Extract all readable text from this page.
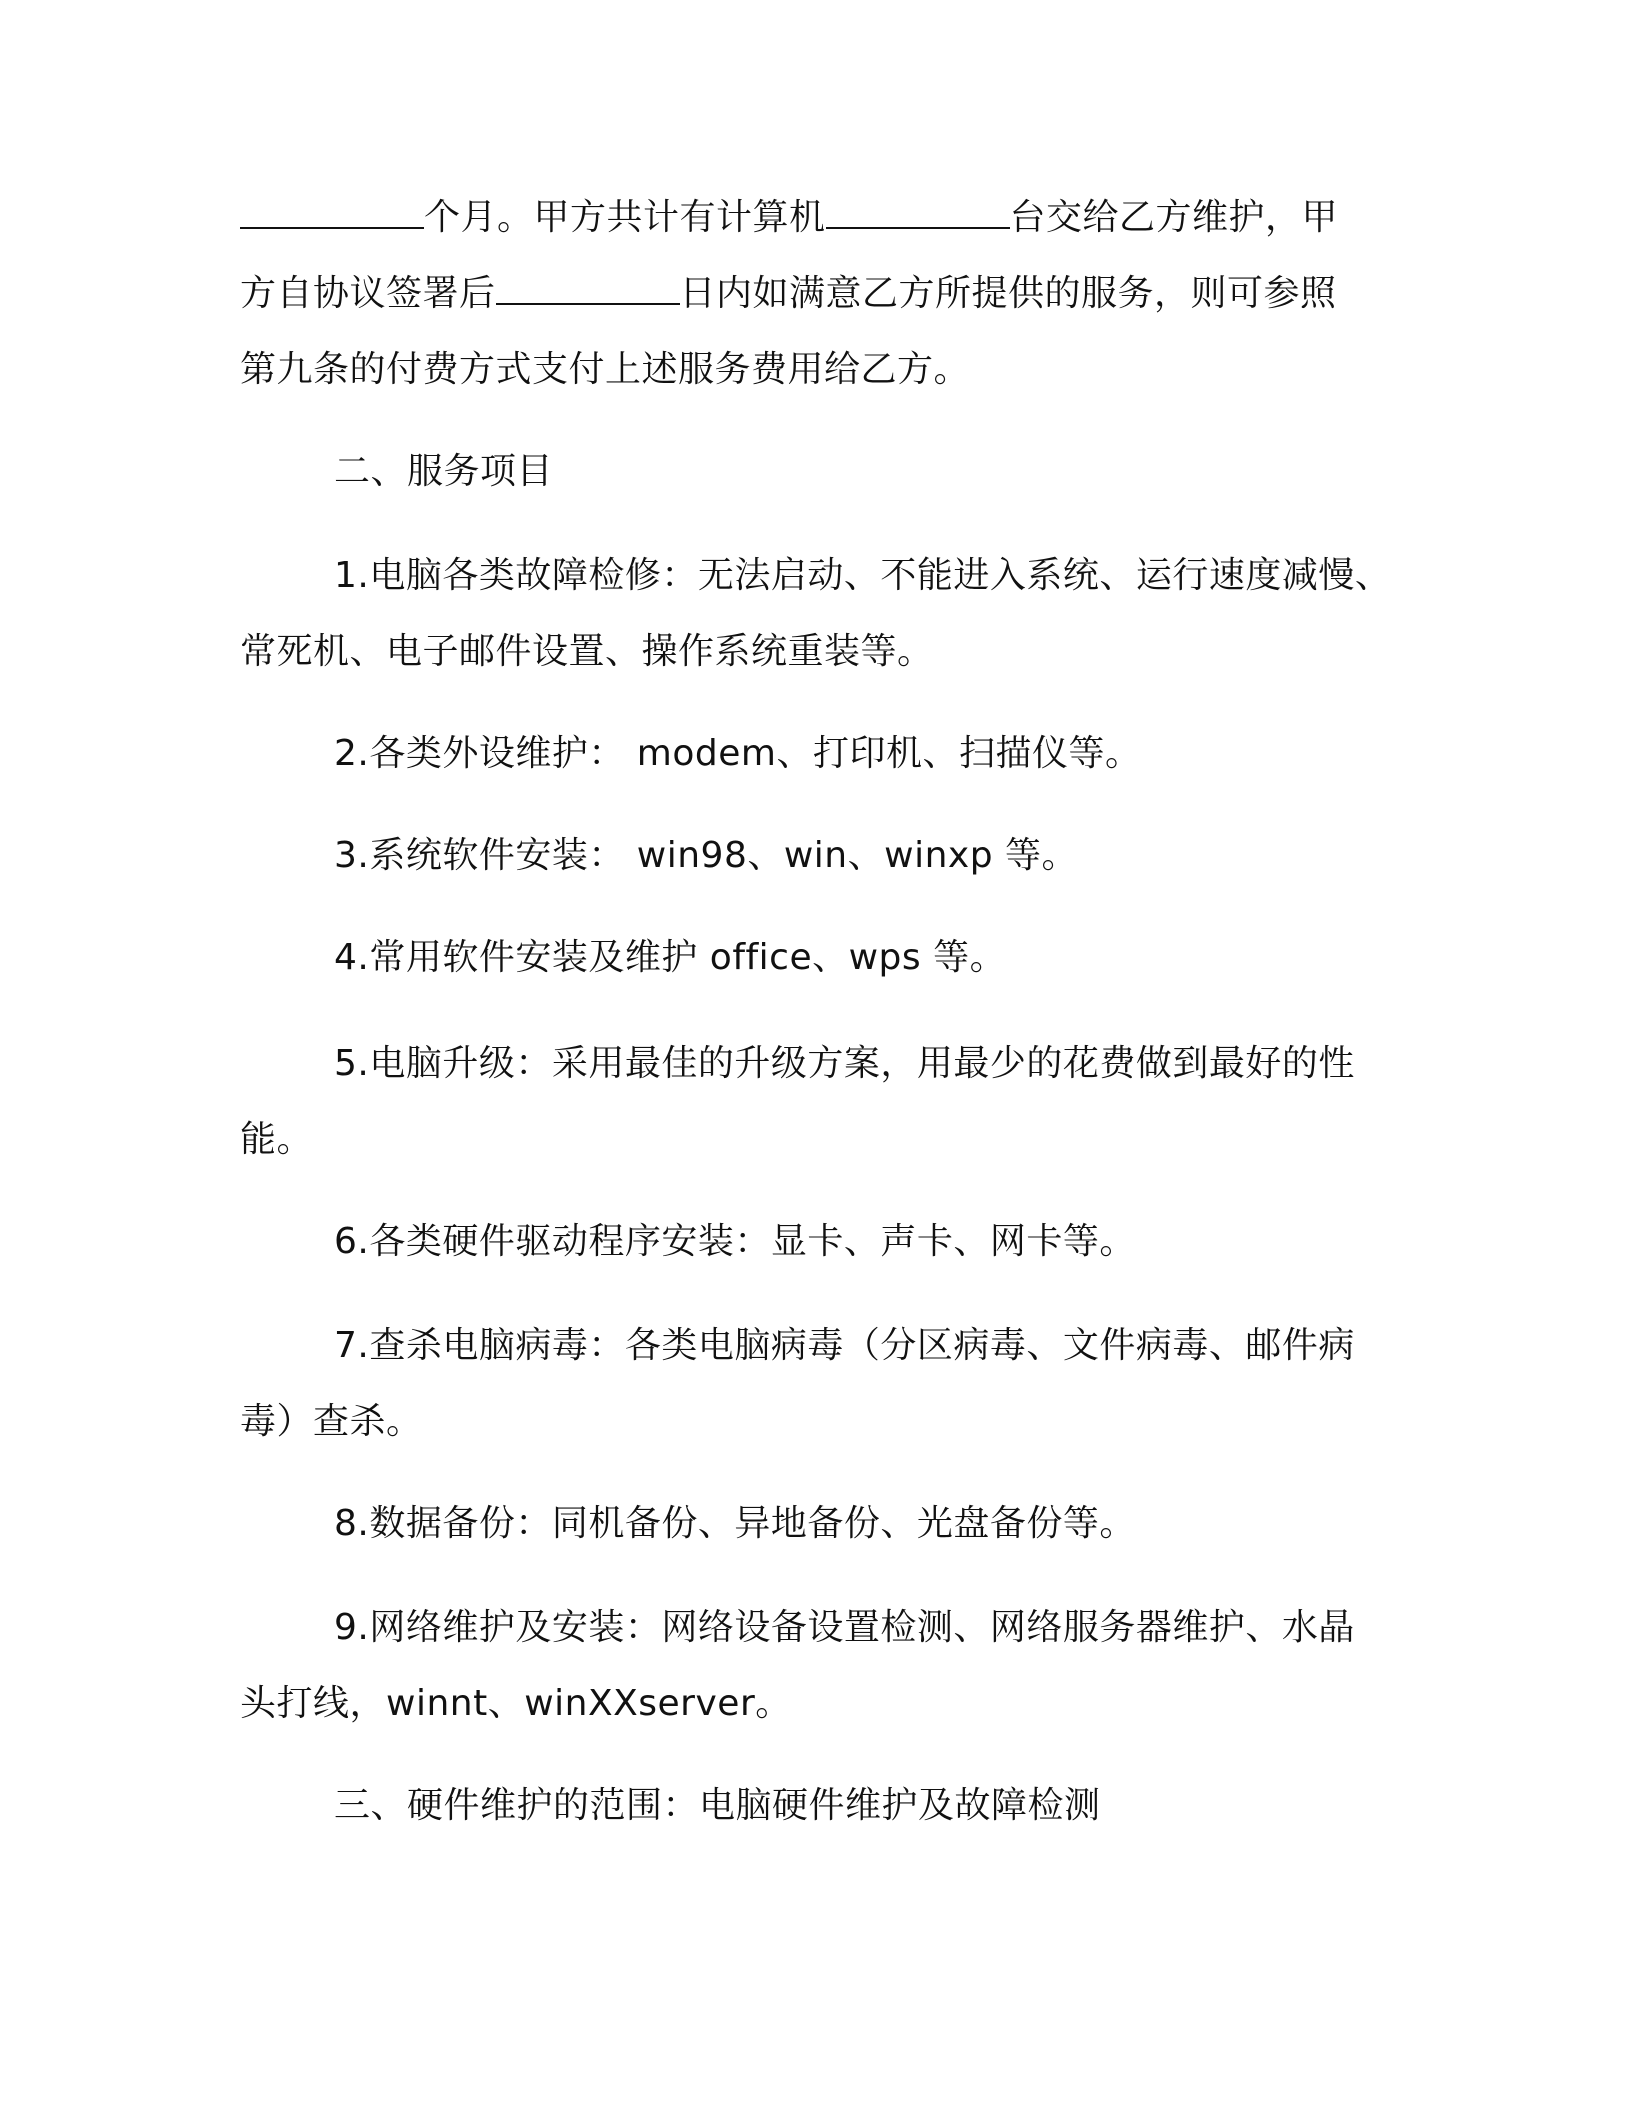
个月。甲方共计有计算机	台交给乙方维护，甲
方自协议签署后	日内如满意乙方所提供的服务，则可参照
第九条的付费方式支付上述服务费用给乙方。
二、服务项目
1.电脑各类故障检修：无法启动、不能进入系统、运行速度减慢、
常死机、电子邮件设置、操作系统重装等。
2.各类外设维护： modem、打印机、扫描仪等。
3.系统软件安装： win98、win、winxp 等。
4.常用软件安装及维护 office、wps 等。
5.电脑升级：采用最佳的升级方案，用最少的花费做到最好的性
能。
6.各类硬件驱动程序安装：显卡、声卡、网卡等。
7.查杀电脑病毒：各类电脑病毒（分区病毒、文件病毒、邮件病
毒）查杀。
8.数据备份：同机备份、异地备份、光盘备份等。
9.网络维护及安装：网络设备设置检测、网络服务器维护、水晶
头打线，winnt、winXXserver。
三、硬件维护的范围：电脑硬件维护及故障检测
